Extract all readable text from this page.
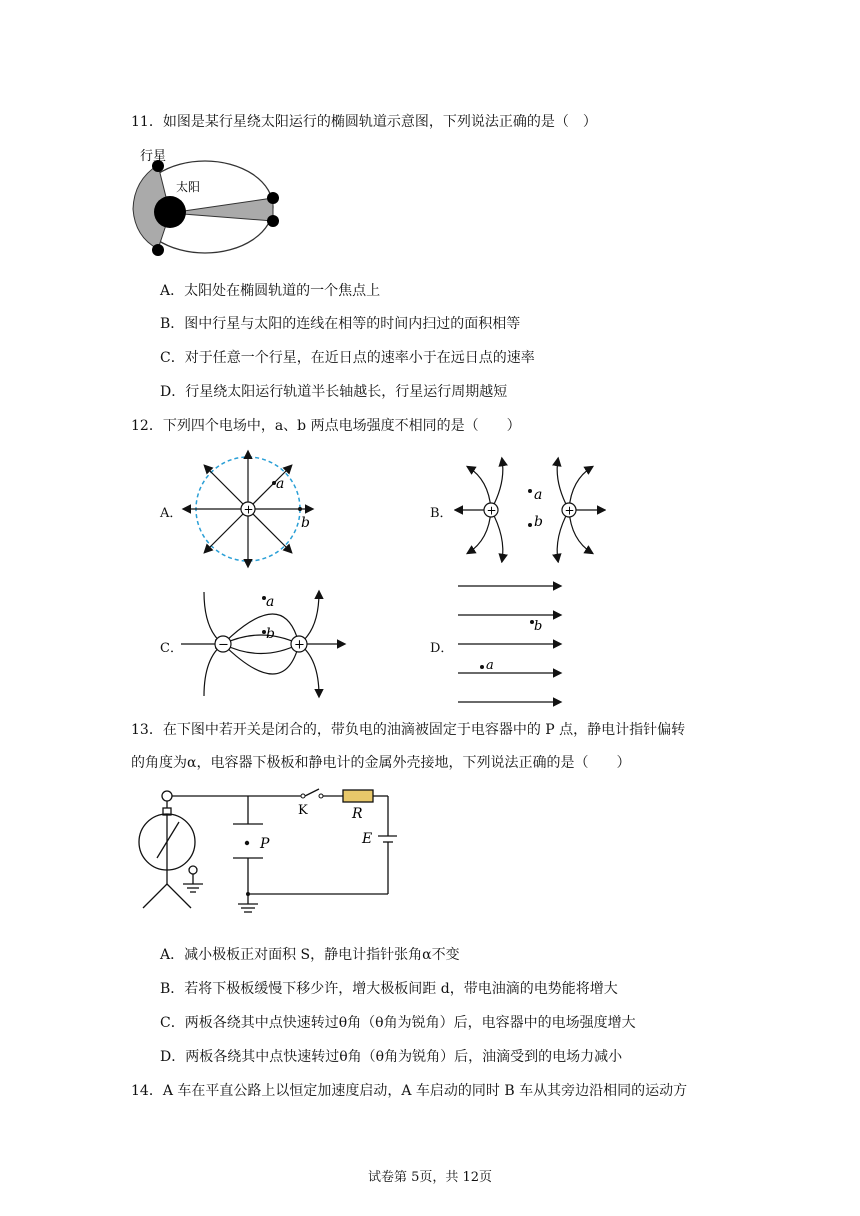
11．如图是某行星绕太阳运行的椭圆轨道示意图，下列说法正确的是（　）
行星
太阳
A．太阳处在椭圆轨道的一个焦点上
B．图中行星与太阳的连线在相等的时间内扫过的面积相等
C．对于任意一个行星，在近日点的速率小于在远日点的速率
D．行星绕太阳运行轨道半长轴越长，行星运行周期越短
12．下列四个电场中，a、b 两点电场强度不相同的是（　　）
A．	+
a
b
B．	+	+
a
b
C．	−	+
a
b
D．
b
a
13．在下图中若开关是闭合的，带负电的油滴被固定于电容器中的 P 点，静电计指针偏转
的角度为α，电容器下极板和静电计的金属外壳接地，下列说法正确的是（　　）
K	R
E
P
A．减小极板正对面积 S，静电计指针张角α不变
B．若将下极板缓慢下移少许，增大极板间距 d，带电油滴的电势能将增大
C．两板各绕其中点快速转过θ角（θ角为锐角）后，电容器中的电场强度增大
D．两板各绕其中点快速转过θ角（θ角为锐角）后，油滴受到的电场力减小
14．A 车在平直公路上以恒定加速度启动，A 车启动的同时 B 车从其旁边沿相同的运动方
试卷第 5页，共 12页
